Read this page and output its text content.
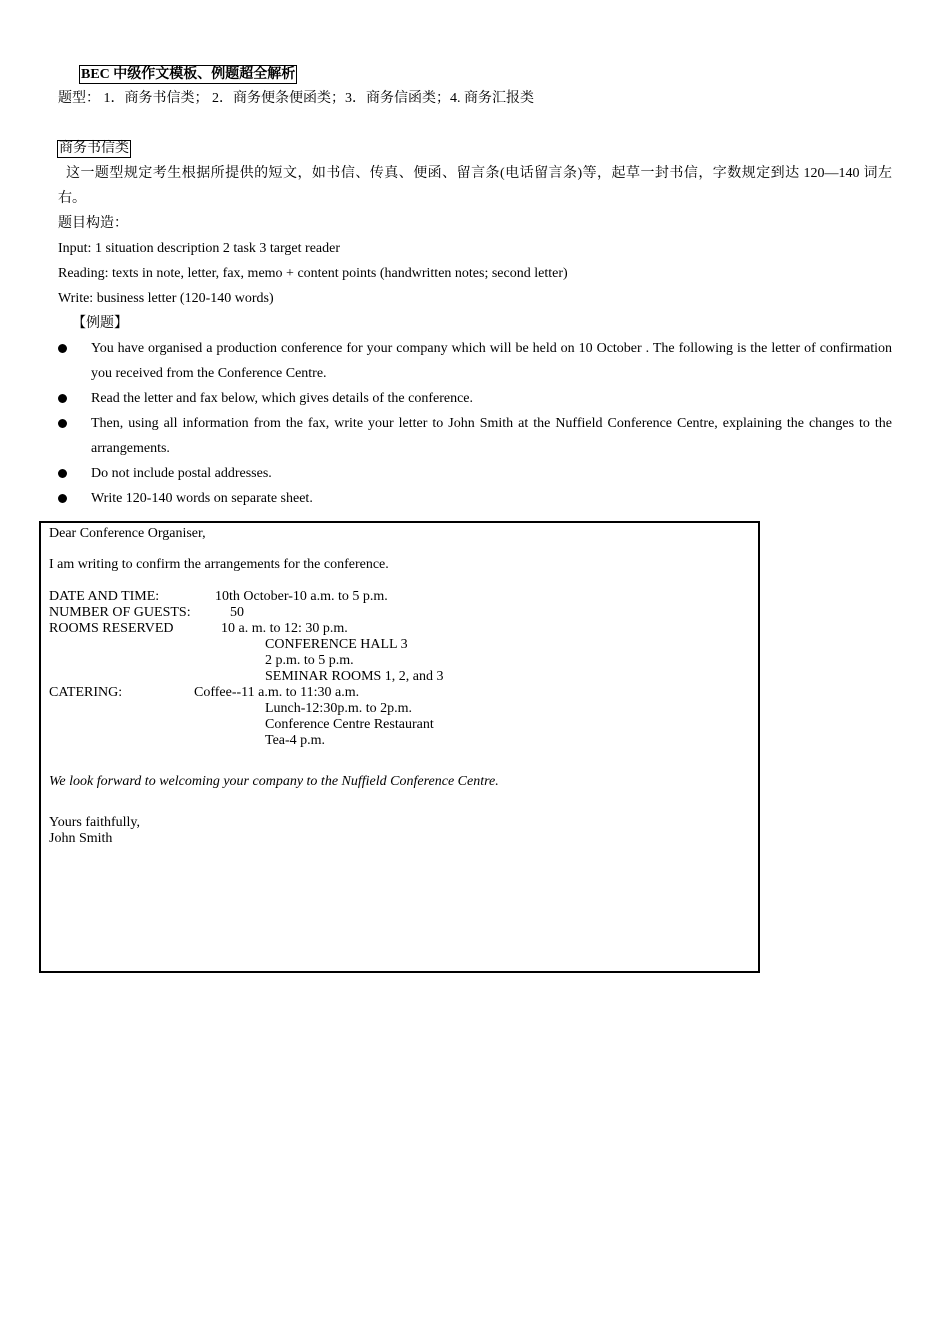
BEC 中级作文模板、例题超全解析
题型： 1．商务书信类； 2．商务便条便函类；3．商务信函类；4. 商务汇报类
商务书信类
这一题型规定考生根据所提供的短文，如书信、传真、便函、留言条(电话留言条)等，起草一封书信，字数规定到达 120—140 词左右。
题目构造：
Input: 1 situation description 2 task 3 target reader
Reading: texts in note, letter, fax, memo + content points (handwritten notes; second letter)
Write: business letter (120-140 words)
【例题】
You have organised a production conference for your company which will be held on 10 October . The following is the letter of confirmation you received from the Conference Centre.
Read the letter and fax below, which gives details of the conference.
Then, using all information from the fax, write your letter to John Smith at the Nuffield Conference Centre, explaining the changes to the arrangements.
Do not include postal addresses.
Write 120-140 words on separate sheet.
Dear Conference Organiser,
I am writing to confirm the arrangements for the conference.
DATE AND TIME:	10th October-10 a.m. to 5 p.m.
NUMBER OF GUESTS:	50
ROOMS RESERVED	10 a. m. to 12: 30 p.m.
CONFERENCE HALL 3
2 p.m. to 5 p.m.
SEMINAR ROOMS 1, 2, and 3
CATERING:	Coffee--11 a.m. to 11:30 a.m.
Lunch-12:30p.m. to 2p.m.
Conference Centre Restaurant
Tea-4 p.m.
We look forward to welcoming your company to the Nuffield Conference Centre.
Yours faithfully,
John Smith
